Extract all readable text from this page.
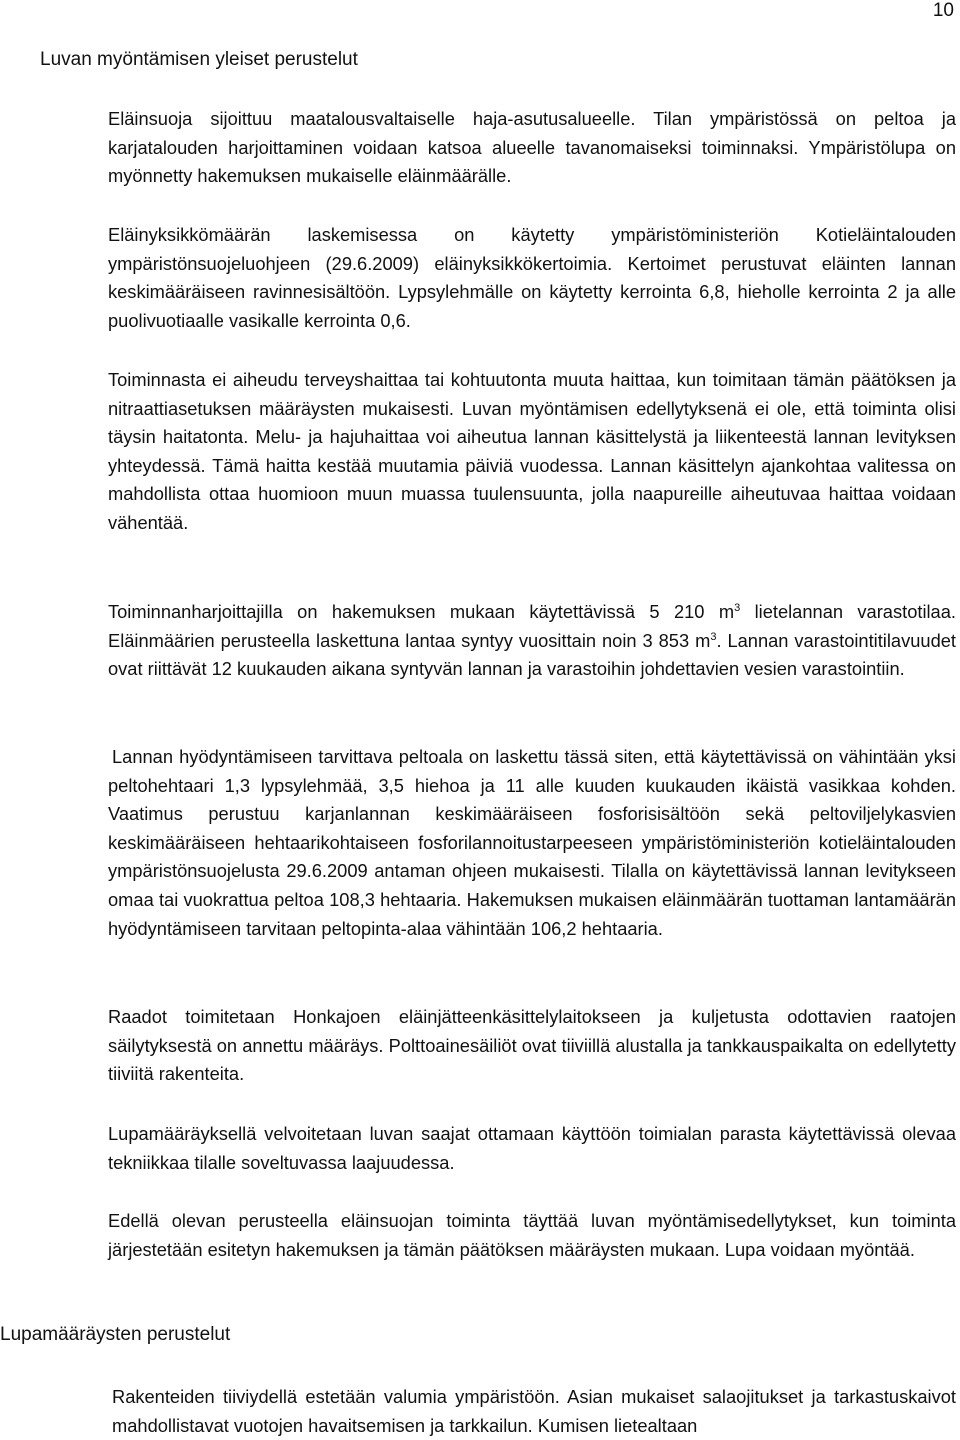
10
Luvan myöntämisen yleiset perustelut

Eläinsuoja sijoittuu maatalousvaltaiselle haja-asutusalueelle. Tilan ympäristössä on peltoa ja karjatalouden harjoittaminen voidaan katsoa alueelle tavanomaiseksi toiminnaksi. Ympäristölupa on myönnetty hakemuksen mukaiselle eläinmäärälle.

Eläinyksikkömäärän laskemisessa on käytetty ympäristöministeriön Kotieläintalouden ympäristönsuojeluohjeen (29.6.2009) eläinyksikkökertoimia. Kertoimet perustuvat eläinten lannan keskimääräiseen ravinnesisältöön. Lypsylehmälle on käytetty kerrointa 6,8, hieholle kerrointa 2 ja alle puolivuotiaalle vasikalle kerrointa 0,6.

Toiminnasta ei aiheudu terveyshaittaa tai kohtuutonta muuta haittaa, kun toimitaan tämän päätöksen ja nitraattiasetuksen määräysten mukaisesti. Luvan myöntämisen edellytyksenä ei ole, että toiminta olisi täysin haitatonta. Melu- ja hajuhaittaa voi aiheutua lannan käsittelystä ja liikenteestä lannan levityksen yhteydessä. Tämä haitta kestää muutamia päiviä vuodessa. Lannan käsittelyn ajankohtaa valitessa on mahdollista ottaa huomioon muun muassa tuulensuunta, jolla naapureille aiheutuvaa haittaa voidaan vähentää.

Toiminnanharjoittajilla on hakemuksen mukaan käytettävissä 5 210 $m^3$ lietelannan varastotilaa. Eläinmäärien perusteella laskettuna lantaa syntyy vuosittain noin 3 853 $m^3$. Lannan varastointitilavuudet ovat riittävät 12 kuukauden aikana syntyvän lannan ja varastoihin johdettavien vesien varastointiin.

Lannan hyödyntämiseen tarvittava peltoala on laskettu tässä siten, että käytettävissä on vähintään yksi peltohehtaari 1,3 lypsylehmää, 3,5 hiehoa ja 11 alle kuuden kuukauden ikäistä vasikkaa kohden. Vaatimus perustuu karjanlannan keskimääräiseen fosforisisältöön sekä peltoviljelykasvien keskimääräiseen hehtaarikohtaiseen fosforilannoitustarpeeseen ympäristöministeriön kotieläintalouden ympäristönsuojelusta 29.6.2009 antaman ohjeen mukaisesti. Tilalla on käytettävissä lannan levitykseen omaa tai vuokrattua peltoa 108,3 hehtaaria. Hakemuksen mukaisen eläinmäärän tuottaman lantamäärän hyödyntämiseen tarvitaan peltopinta-alaa vähintään 106,2 hehtaaria.

Raadot toimitetaan Honkajoen eläinjätteenkäsittelylaitokseen ja kuljetusta odottavien raatojen säilytyksestä on annettu määräys. Polttoainesäiliöt ovat tiiviillä alustalla ja tankkauspaikalta on edellytetty tiiviitä rakenteita.

Lupamääräyksellä velvoitetaan luvan saajat ottamaan käyttöön toimialan parasta käytettävissä olevaa tekniikkaa tilalle soveltuvassa laajuudessa.

Edellä olevan perusteella eläinsuojan toiminta täyttää luvan myöntämisedellytykset, kun toiminta järjestetään esitetyn hakemuksen ja tämän päätöksen määräysten mukaan. Lupa voidaan myöntää.

Lupamääräysten perustelut

Rakenteiden tiiviydellä estetään valumia ympäristöön. Asian mukaiset salaojitukset ja tarkastuskaivot mahdollistavat vuotojen havaitsemisen ja tarkkailun. Kumisen lietealtaan
